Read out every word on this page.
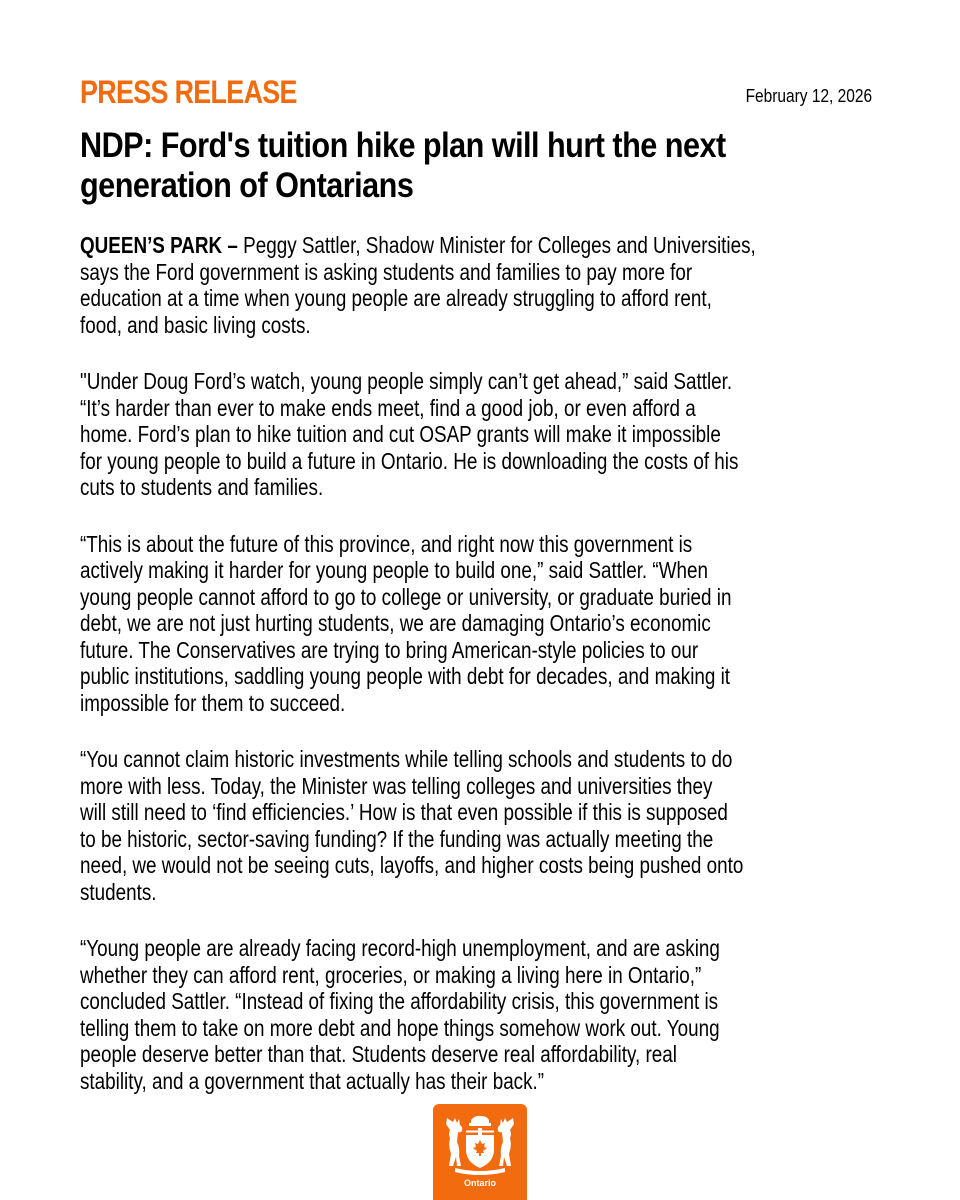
PRESS RELEASE	February 12, 2026
NDP: Ford's tuition hike plan will hurt the next
generation of Ontarians
QUEEN’S PARK – Peggy Sattler, Shadow Minister for Colleges and Universities,
says the Ford government is asking students and families to pay more for
education at a time when young people are already struggling to afford rent,
food, and basic living costs.
"Under Doug Ford’s watch, young people simply can’t get ahead,” said Sattler.
“It’s harder than ever to make ends meet, find a good job, or even afford a
home. Ford’s plan to hike tuition and cut OSAP grants will make it impossible
for young people to build a future in Ontario. He is downloading the costs of his
cuts to students and families.
“This is about the future of this province, and right now this government is
actively making it harder for young people to build one,” said Sattler. “When
young people cannot afford to go to college or university, or graduate buried in
debt, we are not just hurting students, we are damaging Ontario’s economic
future. The Conservatives are trying to bring American-style policies to our
public institutions, saddling young people with debt for decades, and making it
impossible for them to succeed.
“You cannot claim historic investments while telling schools and students to do
more with less. Today, the Minister was telling colleges and universities they
will still need to ‘find efficiencies.’ How is that even possible if this is supposed
to be historic, sector-saving funding? If the funding was actually meeting the
need, we would not be seeing cuts, layoffs, and higher costs being pushed onto
students.
“Young people are already facing record-high unemployment, and are asking
whether they can afford rent, groceries, or making a living here in Ontario,”
concluded Sattler. “Instead of fixing the affordability crisis, this government is
telling them to take on more debt and hope things somehow work out. Young
people deserve better than that. Students deserve real affordability, real
stability, and a government that actually has their back.”
Ontario
